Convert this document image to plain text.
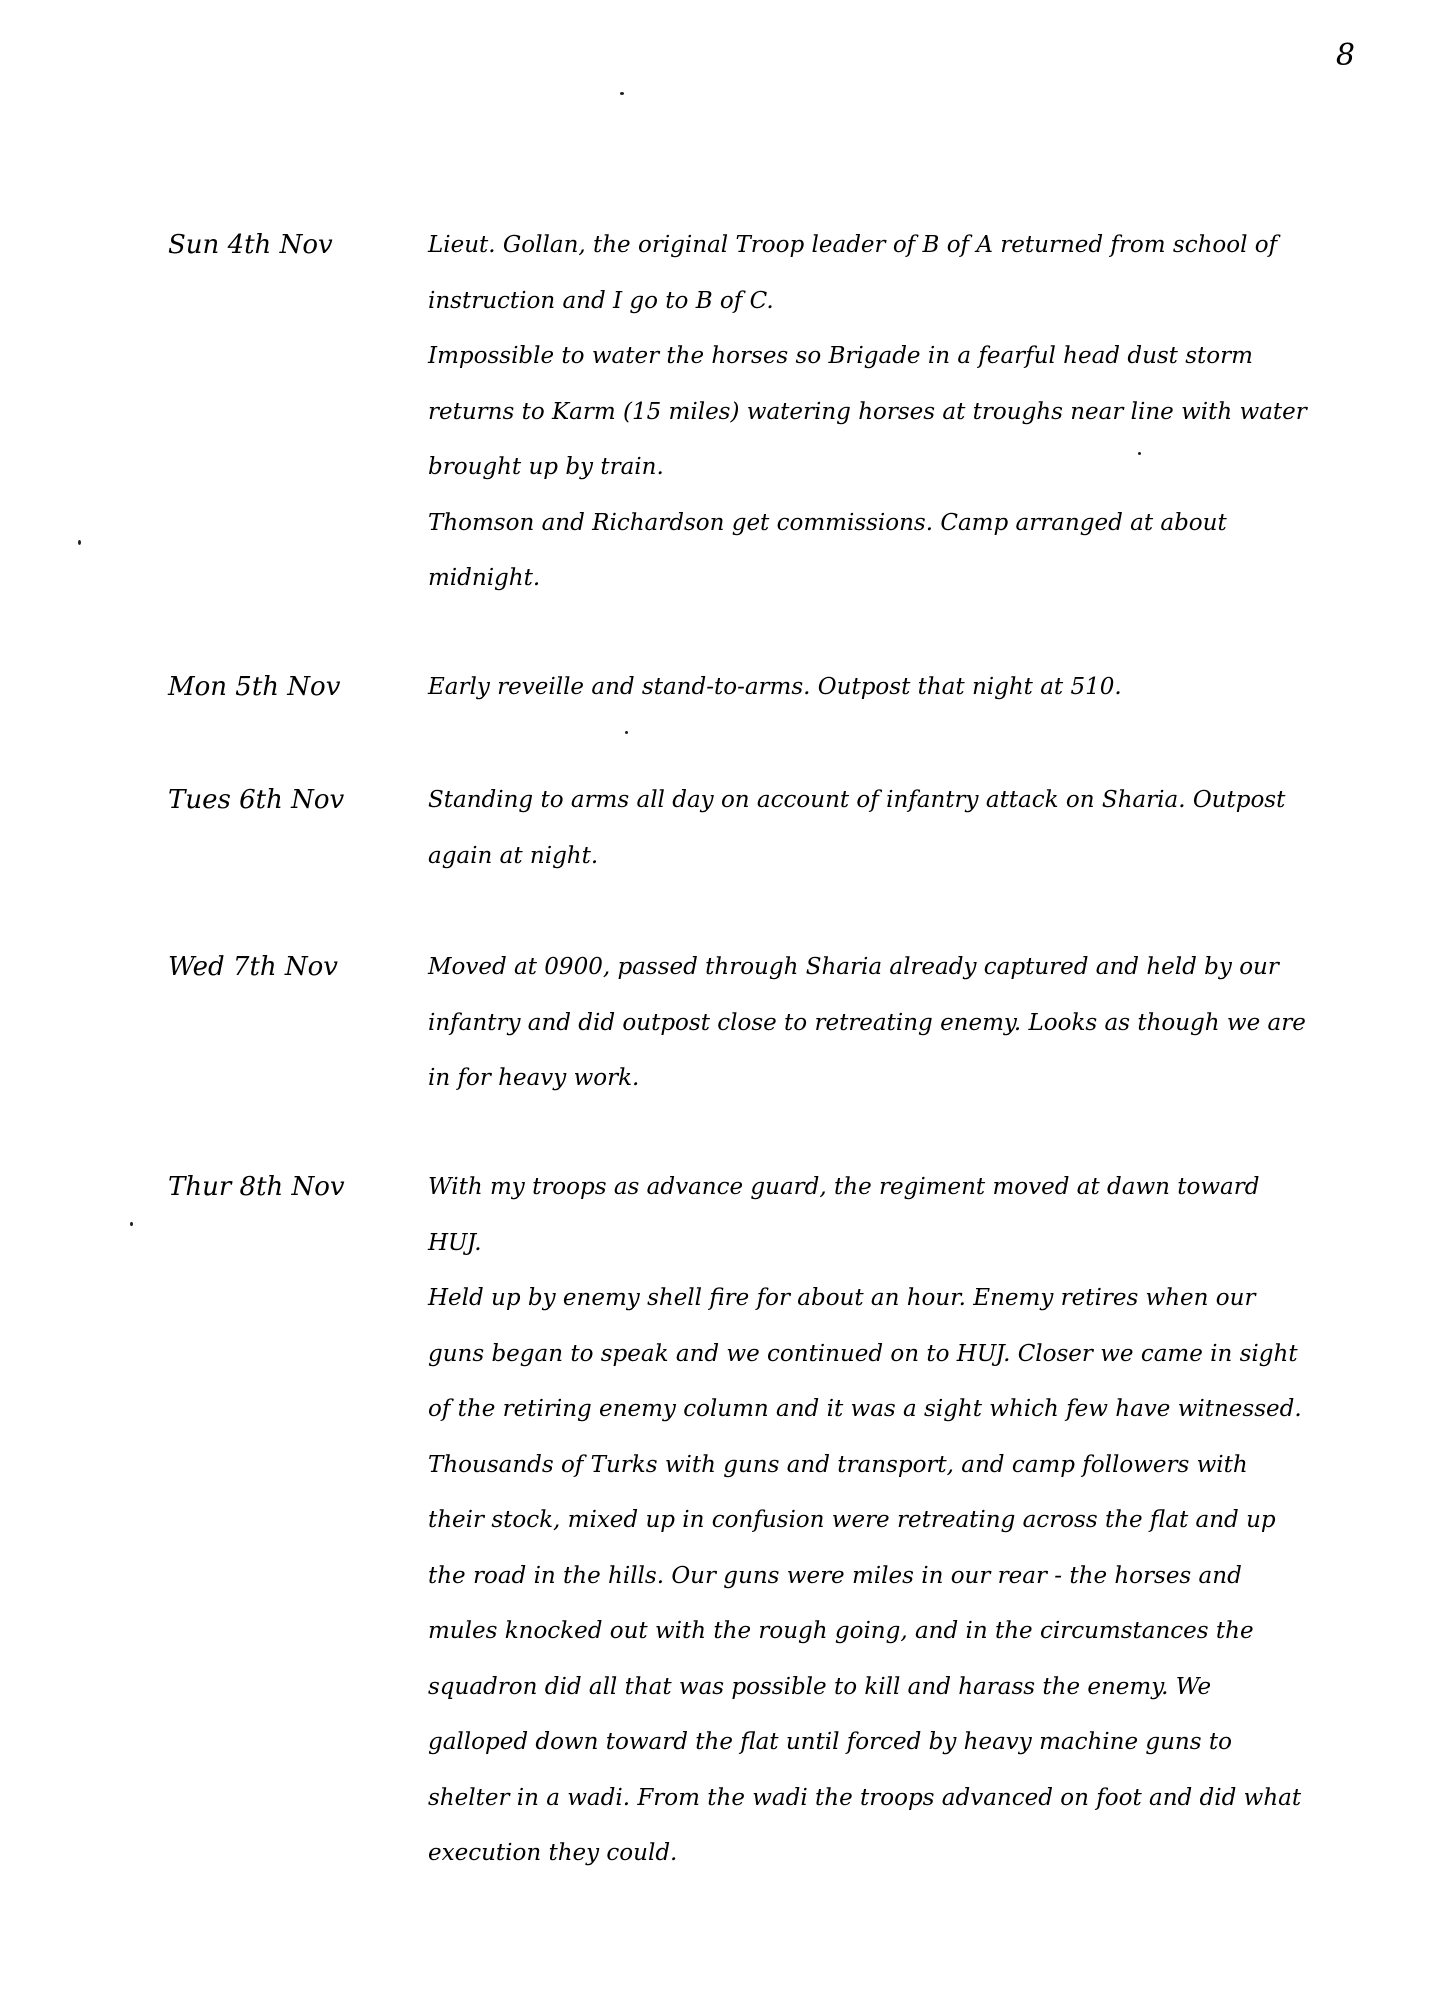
8
Sun 4th Nov	Lieut. Gollan, the original Troop leader of B of A returned from school of instruction and I go to B of C.

Impossible to water the horses so Brigade in a fearful head dust storm returns to Karm (15 miles) watering horses at troughs near line with water brought up by train.

Thomson and Richardson get commissions. Camp arranged at about midnight.

Mon 5th Nov	Early reveille and stand-to-arms. Outpost that night at 510.

Tues 6th Nov	Standing to arms all day on account of infantry attack on Sharia. Outpost again at night.

Wed 7th Nov	Moved at 0900, passed through Sharia already captured and held by our infantry and did outpost close to retreating enemy. Looks as though we are in for heavy work.

Thur 8th Nov	With my troops as advance guard, the regiment moved at dawn toward HUJ.

Held up by enemy shell fire for about an hour. Enemy retires when our guns began to speak and we continued on to HUJ. Closer we came in sight of the retiring enemy column and it was a sight which few have witnessed. Thousands of Turks with guns and transport, and camp followers with their stock, mixed up in confusion were retreating across the flat and up the road in the hills. Our guns were miles in our rear - the horses and mules knocked out with the rough going, and in the circumstances the squadron did all that was possible to kill and harass the enemy. We galloped down toward the flat until forced by heavy machine guns to shelter in a wadi. From the wadi the troops advanced on foot and did what execution they could.
